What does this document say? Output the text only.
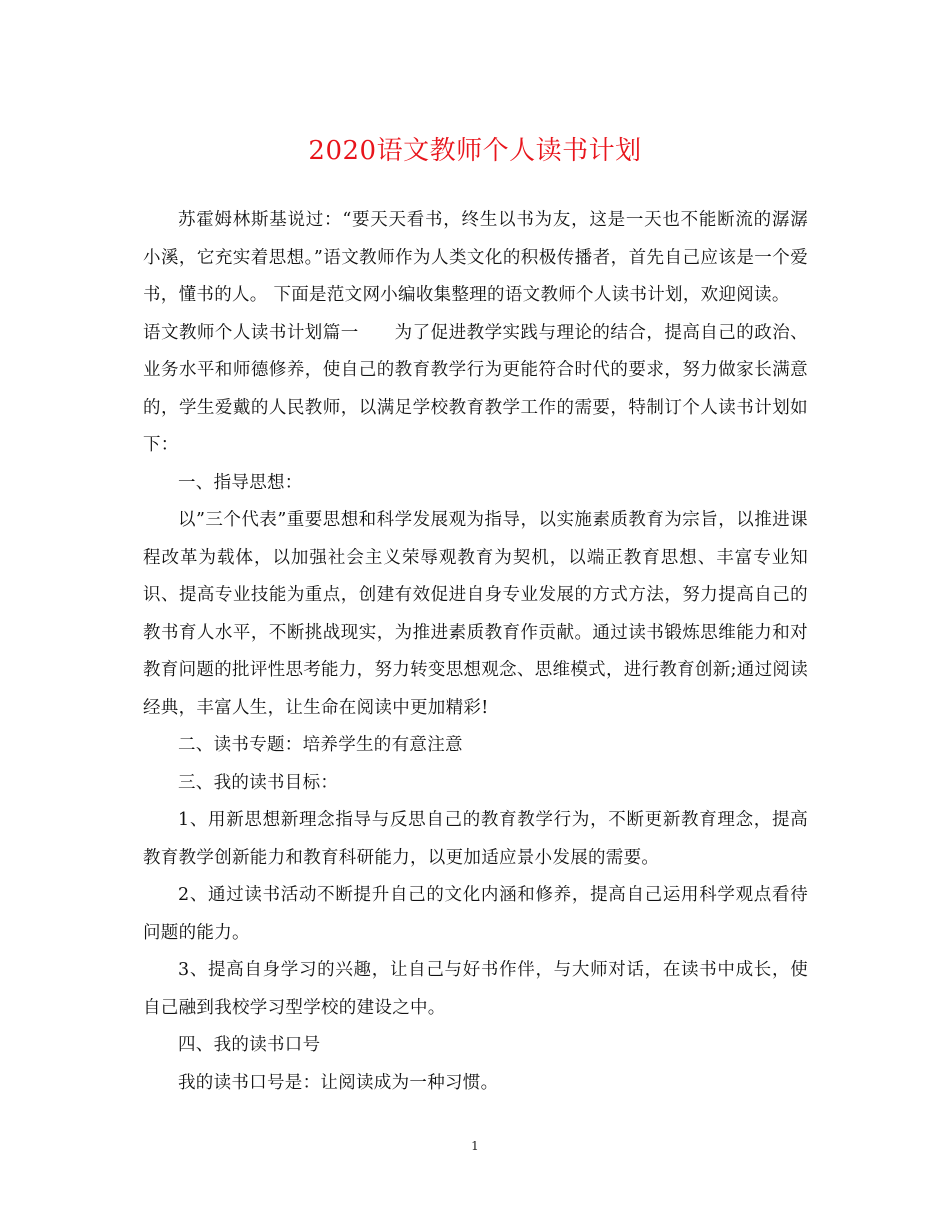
2020语文教师个人读书计划

苏霍姆林斯基说过：“要天天看书，终生以书为友，这是一天也不能断流的潺潺小溪，它充实着思想。”语文教师作为人类文化的积极传播者，首先自己应该是一个爱书，懂书的人。 下面是范文网小编收集整理的语文教师个人读书计划，欢迎阅读。

语文教师个人读书计划篇一　　为了促进教学实践与理论的结合，提高自己的政治、业务水平和师德修养，使自己的教育教学行为更能符合时代的要求，努力做家长满意的，学生爱戴的人民教师，以满足学校教育教学工作的需要，特制订个人读书计划如下：

一、指导思想：

以”三个代表”重要思想和科学发展观为指导，以实施素质教育为宗旨，以推进课程改革为载体，以加强社会主义荣辱观教育为契机，以端正教育思想、丰富专业知识、提高专业技能为重点，创建有效促进自身专业发展的方式方法，努力提高自己的教书育人水平，不断挑战现实，为推进素质教育作贡献。通过读书锻炼思维能力和对教育问题的批评性思考能力，努力转变思想观念、思维模式，进行教育创新;通过阅读经典，丰富人生，让生命在阅读中更加精彩!

二、读书专题：培养学生的有意注意

三、我的读书目标：

1、用新思想新理念指导与反思自己的教育教学行为，不断更新教育理念，提高教育教学创新能力和教育科研能力，以更加适应景小发展的需要。

2、通过读书活动不断提升自己的文化内涵和修养，提高自己运用科学观点看待问题的能力。

3、提高自身学习的兴趣，让自己与好书作伴，与大师对话，在读书中成长，使自己融到我校学习型学校的建设之中。

四、我的读书口号

我的读书口号是：让阅读成为一种习惯。

1
